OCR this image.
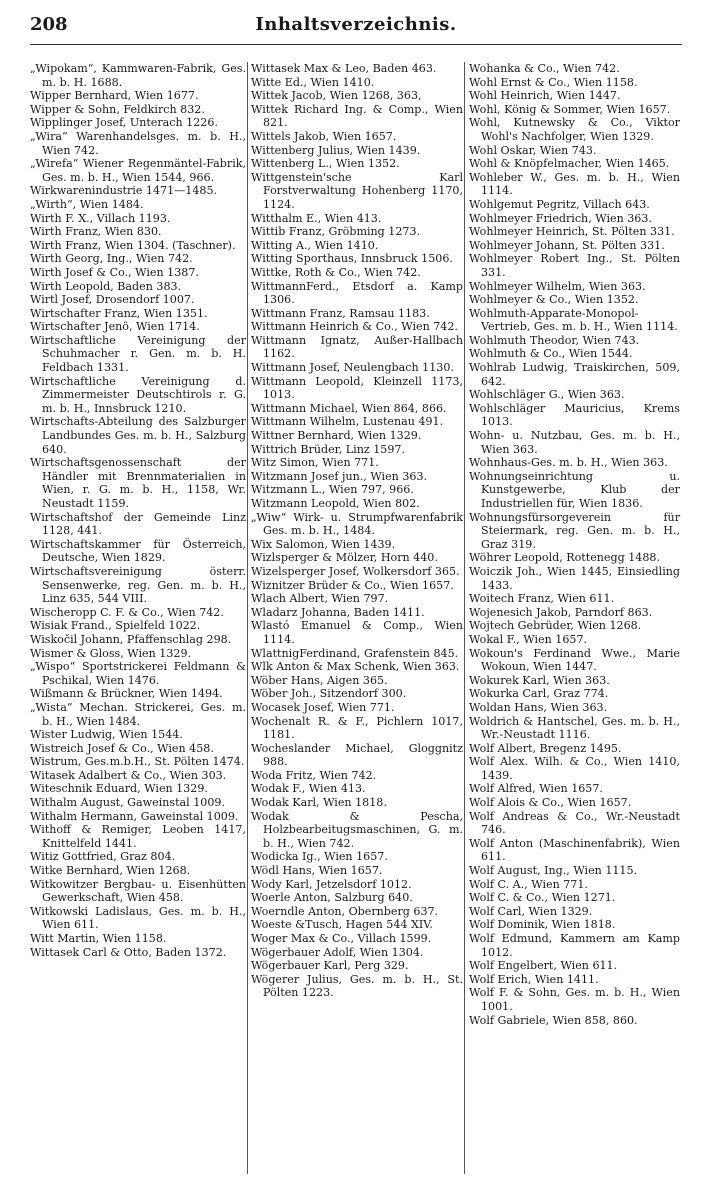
208	Inhaltsverzeichnis.
„Wipokam“, Kammwaren-Fabrik, Ges. m. b. H. 1688.
Wipper Bernhard, Wien 1677.
Wipper & Sohn, Feldkirch 832.
Wipplinger Josef, Unterach 1226.
„Wira“ Warenhandelsges. m. b. H., Wien 742.
„Wirefa“ Wiener Regenmäntel-Fabrik, Ges. m. b. H., Wien 1544, 966.
Wirkwarenindustrie 1471—1485.
„Wirth“, Wien 1484.
Wirth F. X., Villach 1193.
Wirth Franz, Wien 830.
Wirth Franz, Wien 1304. (Taschner).
Wirth Georg, Ing., Wien 742.
Wirth Josef & Co., Wien 1387.
Wirth Leopold, Baden 383.
Wirtl Josef, Drosendorf 1007.
Wirtschafter Franz, Wien 1351.
Wirtschafter Jenö, Wien 1714.
Wirtschaftliche Vereinigung der Schuhmacher r. Gen. m. b. H. Feldbach 1331.
Wirtschaftliche Vereinigung d. Zimmermeister Deutschtirols r. G. m. b. H., Innsbruck 1210.
Wirtschafts-Abteilung des Salzburger Landbundes Ges. m. b. H., Salzburg 640.
Wirtschaftsgenossenschaft der Händler mit Brennmaterialien in Wien, r. G. m. b. H., 1158, Wr. Neustadt 1159.
Wirtschaftshof der Gemeinde Linz 1128, 441.
Wirtschaftskammer für Österreich, Deutsche, Wien 1829.
Wirtschaftsvereinigung österr. Sensenwerke, reg. Gen. m. b. H., Linz 635, 544 VIII.
Wischeropp C. F. & Co., Wien 742.
Wisiak Frand., Spielfeld 1022.
Wiskočil Johann, Pfaffenschlag 298.
Wismer & Gloss, Wien 1329.
„Wispo“ Sportstrickerei Feldmann & Pschikal, Wien 1476.
Wißmann & Brückner, Wien 1494.
„Wista“ Mechan. Strickerei, Ges. m. b. H., Wien 1484.
Wister Ludwig, Wien 1544.
Wistreich Josef & Co., Wien 458.
Wistrum, Ges.m.b.H., St. Pölten 1474.
Witasek Adalbert & Co., Wien 303.
Witeschnik Eduard, Wien 1329.
Withalm August, Gaweinstal 1009.
Withalm Hermann, Gaweinstal 1009.
Withoff & Remiger, Leoben 1417, Knittelfeld 1441.
Witiz Gottfried, Graz 804.
Witke Bernhard, Wien 1268.
Witkowitzer Bergbau- u. Eisenhütten Gewerkschaft, Wien 458.
Witkowski Ladislaus, Ges. m. b. H., Wien 611.
Witt Martin, Wien 1158.
Wittasek Carl & Otto, Baden 1372.
Wittasek Max & Leo, Baden 463.
Witte Ed., Wien 1410.
Wittek Jacob, Wien 1268, 363,
Wittek Richard Ing. & Comp., Wien 821.
Wittels Jakob, Wien 1657.
Wittenberg Julius, Wien 1439.
Wittenberg L., Wien 1352.
Wittgenstein'sche Karl Forstverwaltung Hohenberg 1170, 1124.
Witthalm E., Wien 413.
Wittib Franz, Gröbming 1273.
Witting A., Wien 1410.
Witting Sporthaus, Innsbruck 1506.
Wittke, Roth & Co., Wien 742.
WittmannFerd., Etsdorf a. Kamp 1306.
Wittmann Franz, Ramsau 1183.
Wittmann Heinrich & Co., Wien 742.
Wittmann Ignatz, Außer-Hallbach 1162.
Wittmann Josef, Neulengbach 1130.
Wittmann Leopold, Kleinzell 1173, 1013.
Wittmann Michael, Wien 864, 866.
Wittmann Wilhelm, Lustenau 491.
Wittner Bernhard, Wien 1329.
Wittrich Brüder, Linz 1597.
Witz Simon, Wien 771.
Witzmann Josef jun., Wien 363.
Witzmann L., Wien 797, 966.
Witzmann Leopold, Wien 802.
„Wiw“ Wirk- u. Strumpfwarenfabrik Ges. m. b. H., 1484.
Wix Salomon, Wien 1439.
Wizlsperger & Mölzer, Horn 440.
Wizelsperger Josef, Wolkersdorf 365.
Wiznitzer Brüder & Co., Wien 1657.
Wlach Albert, Wien 797.
Wladarz Johanna, Baden 1411.
Wlastó Emanuel & Comp., Wien 1114.
WlattnigFerdinand, Grafenstein 845.
Wlk Anton & Max Schenk, Wien 363.
Wöber Hans, Aigen 365.
Wöber Joh., Sitzendorf 300.
Wocasek Josef, Wien 771.
Wochenalt R. & F., Pichlern 1017, 1181.
Wocheslander Michael, Gloggnitz 988.
Woda Fritz, Wien 742.
Wodak F., Wien 413.
Wodak Karl, Wien 1818.
Wodak & Pescha, Holzbearbeitugsmaschinen, G. m. b. H., Wien 742.
Wodicka Ig., Wien 1657.
Wödl Hans, Wien 1657.
Wody Karl, Jetzelsdorf 1012.
Woerle Anton, Salzburg 640.
Woerndle Anton, Obernberg 637.
Woeste &Tusch, Hagen 544 XIV.
Woger Max & Co., Villach 1599.
Wögerbauer Adolf, Wien 1304.
Wögerbauer Karl, Perg 329.
Wögerer Julius, Ges. m. b. H., St. Pölten 1223.
Wohanka & Co., Wien 742.
Wohl Ernst & Co., Wien 1158.
Wohl Heinrich, Wien 1447.
Wohl, König & Sommer, Wien 1657.
Wohl, Kutnewsky & Co., Viktor Wohl's Nachfolger, Wien 1329.
Wohl Oskar, Wien 743.
Wohl & Knöpfelmacher, Wien 1465.
Wohleber W., Ges. m. b. H., Wien 1114.
Wohlgemut Pegritz, Villach 643.
Wohlmeyer Friedrich, Wien 363.
Wohlmeyer Heinrich, St. Pölten 331.
Wohlmeyer Johann, St. Pölten 331.
Wohlmeyer Robert Ing., St. Pölten 331.
Wohlmeyer Wilhelm, Wien 363.
Wohlmeyer & Co., Wien 1352.
Wohlmuth-Apparate-Monopol-Vertrieb, Ges. m. b. H., Wien 1114.
Wohlmuth Theodor, Wien 743.
Wohlmuth & Co., Wien 1544.
Wohlrab Ludwig, Traiskirchen, 509, 642.
Wohlschläger G., Wien 363.
Wohlschläger Mauricius, Krems 1013.
Wohn- u. Nutzbau, Ges. m. b. H., Wien 363.
Wohnhaus-Ges. m. b. H., Wien 363.
Wohnungseinrichtung u. Kunstgewerbe, Klub der Industriellen für, Wien 1836.
Wohnungsfürsorgeverein für Steiermark, reg. Gen. m. b. H., Graz 319.
Wöhrer Leopold, Rottenegg 1488.
Woiczik Joh., Wien 1445, Einsiedling 1433.
Woitech Franz, Wien 611.
Wojenesich Jakob, Parndorf 863.
Wojtech Gebrüder, Wien 1268.
Wokal F., Wien 1657.
Wokoun's Ferdinand Wwe., Marie Wokoun, Wien 1447.
Wokurek Karl, Wien 363.
Wokurka Carl, Graz 774.
Woldan Hans, Wien 363.
Woldrich & Hantschel, Ges. m. b. H., Wr.-Neustadt 1116.
Wolf Albert, Bregenz 1495.
Wolf Alex. Wilh. & Co., Wien 1410, 1439.
Wolf Alfred, Wien 1657.
Wolf Alois & Co., Wien 1657.
Wolf Andreas & Co., Wr.-Neustadt 746.
Wolf Anton (Maschinenfabrik), Wien 611.
Wolf August, Ing., Wien 1115.
Wolf C. A., Wien 771.
Wolf C. & Co., Wien 1271.
Wolf Carl, Wien 1329.
Wolf Dominik, Wien 1818.
Wolf Edmund, Kammern am Kamp 1012.
Wolf Engelbert, Wien 611.
Wolf Erich, Wien 1411.
Wolf F. & Sohn, Ges. m. b. H., Wien 1001.
Wolf Gabriele, Wien 858, 860.
